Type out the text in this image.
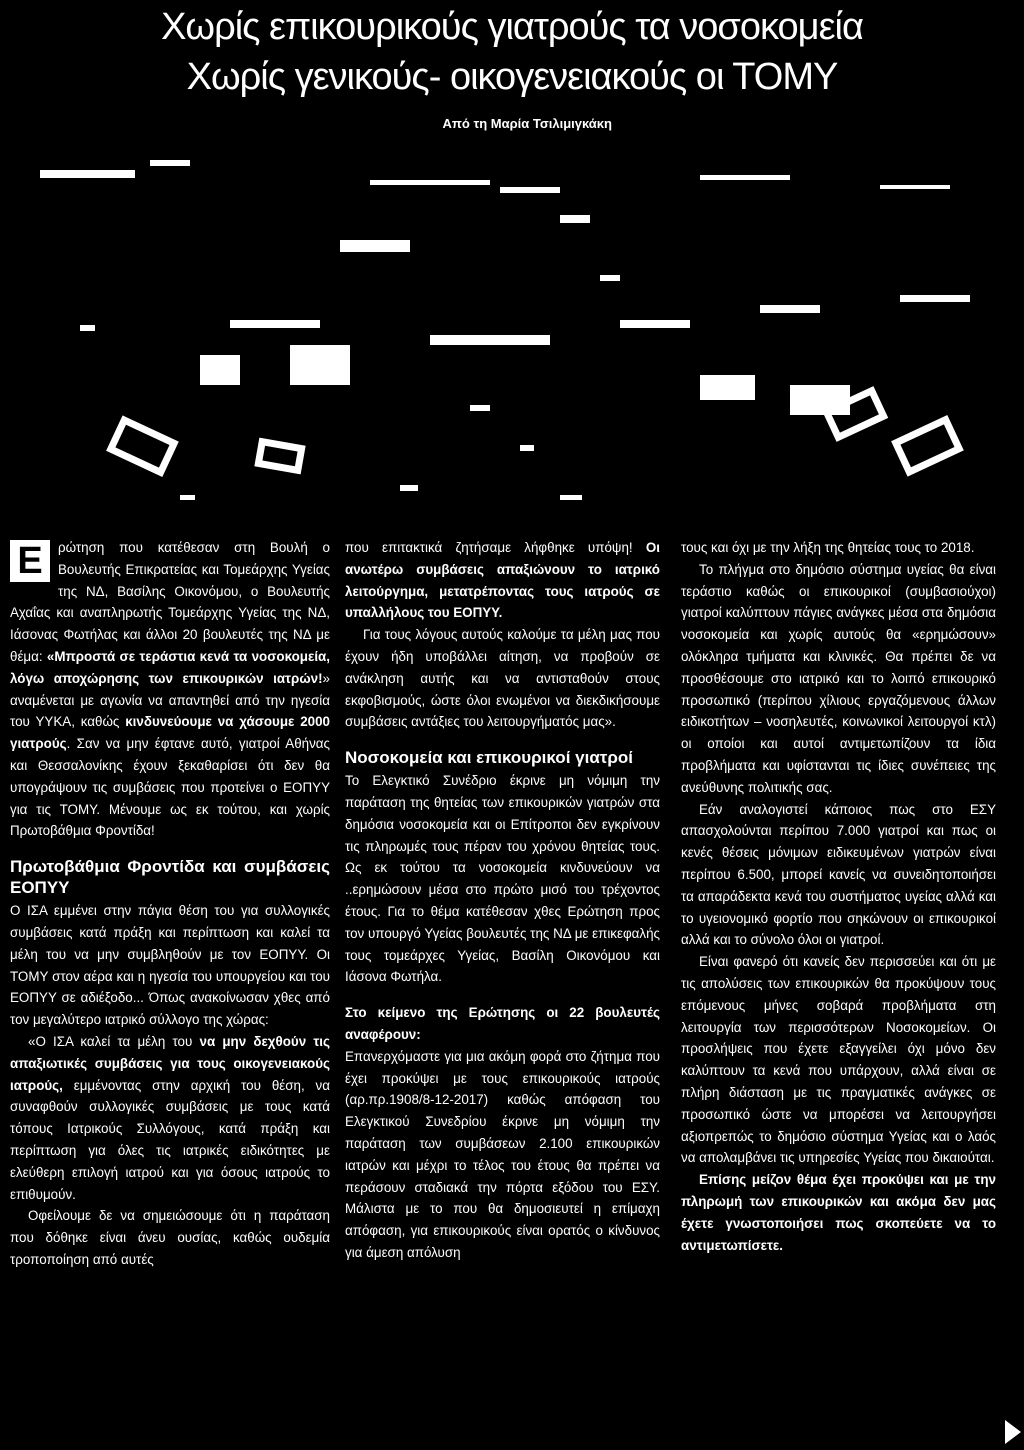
Χωρίς επικουρικούς γιατρούς τα νοσοκομεία
Χωρίς γενικούς- οικογενειακούς οι ΤΟΜΥ
Από τη Μαρία Τσιλιμιγκάκη

Ε	ρώτηση που κατέθεσαν στη Βουλή ο Βουλευτής Επικρατείας και Τομεάρχης Υγείας της ΝΔ, Βασίλης Οικονόμου, ο Βουλευτής Αχαΐας και αναπληρωτής Τομεάρχης Υγείας της ΝΔ, Ιάσονας Φωτήλας και άλλοι 20 βουλευτές της ΝΔ με θέμα: «Μπροστά σε τεράστια κενά τα νοσοκομεία, λόγω αποχώρησης των επικουρικών ιατρών!» αναμένεται με αγωνία να απαντηθεί από την ηγεσία του ΥΥΚΑ, καθώς κινδυνεύουμε να χάσουμε 2000 γιατρούς. Σαν να μην έφτανε αυτό, γιατροί Αθήνας και Θεσσαλονίκης έχουν ξεκαθαρίσει ότι δεν θα υπογράψουν τις συμβάσεις που προτείνει ο ΕΟΠΥΥ για τις ΤΟΜΥ. Μένουμε ως εκ τούτου, και χωρίς Πρωτοβάθμια Φροντίδα!

Πρωτοβάθμια Φροντίδα και συμβάσεις ΕΟΠΥΥ

Ο ΙΣΑ εμμένει στην πάγια θέση του για συλλογικές συμβάσεις κατά πράξη και περίπτωση και καλεί τα μέλη του να μην συμβληθούν με τον ΕΟΠΥΥ. Οι ΤΟΜΥ στον αέρα και η ηγεσία του υπουργείου και του ΕΟΠΥΥ σε αδιέξοδο... Όπως ανακοίνωσαν χθες από τον μεγαλύτερο ιατρικό σύλλογο της χώρας:

«Ο ΙΣΑ καλεί τα μέλη του να μην δεχθούν τις απαξιωτικές συμβάσεις για τους οικογενειακούς ιατρούς, εμμένοντας στην αρχική του θέση, να συναφθούν συλλογικές συμβάσεις με τους κατά τόπους Ιατρικούς Συλλόγους, κατά πράξη και περίπτωση για όλες τις ιατρικές ειδικότητες με ελεύθερη επιλογή ιατρού και για όσους ιατρούς το επιθυμούν.

Οφείλουμε δε να σημειώσουμε ότι η παράταση που δόθηκε είναι άνευ ουσίας, καθώς ουδεμία τροποποίηση από αυτές

που επιτακτικά ζητήσαμε λήφθηκε υπόψη! Οι ανωτέρω συμβάσεις απαξιώνουν το ιατρικό λειτούργημα, μετατρέποντας τους ιατρούς σε υπαλλήλους του ΕΟΠΥΥ.

Για τους λόγους αυτούς καλούμε τα μέλη μας που έχουν ήδη υποβάλλει αίτηση, να προβούν σε ανάκληση αυτής και να αντισταθούν στους εκφοβισμούς, ώστε όλοι ενωμένοι να διεκδικήσουμε συμβάσεις αντάξιες του λειτουργήματός μας».

Νοσοκομεία και επικουρικοί γιατροί

Το Ελεγκτικό Συνέδριο έκρινε μη νόμιμη την παράταση της θητείας των επικουρικών γιατρών στα δημόσια νοσοκομεία και οι Επίτροποι δεν εγκρίνουν τις πληρωμές τους πέραν του χρόνου θητείας τους. Ως εκ τούτου τα νοσοκομεία κινδυνεύουν να ..ερημώσουν μέσα στο πρώτο μισό του τρέχοντος έτους. Για το θέμα κατέθεσαν χθες Ερώτηση προς τον υπουργό Υγείας βουλευτές της ΝΔ με επικεφαλής τους τομεάρχες Υγείας, Βασίλη Οικονόμου και Ιάσονα Φωτήλα.

Στο κείμενο της Ερώτησης οι 22 βουλευτές αναφέρουν:

Επανερχόμαστε για μια ακόμη φορά στο ζήτημα που έχει προκύψει με τους επικουρικούς ιατρούς (αρ.πρ.1908/8-12-2017) καθώς απόφαση του Ελεγκτικού Συνεδρίου έκρινε μη νόμιμη την παράταση των συμβάσεων 2.100 επικουρικών ιατρών και μέχρι το τέλος του έτους θα πρέπει να περάσουν σταδιακά την πόρτα εξόδου του ΕΣΥ. Μάλιστα με το που θα δημοσιευτεί η επίμαχη απόφαση, για επικουρικούς είναι ορατός ο κίνδυνος για άμεση απόλυση

τους και όχι με την λήξη της θητείας τους το 2018.

Το πλήγμα στο δημόσιο σύστημα υγείας θα είναι τεράστιο καθώς οι επικουρικοί (συμβασιούχοι) γιατροί καλύπτουν πάγιες ανάγκες μέσα στα δημόσια νοσοκομεία και χωρίς αυτούς θα «ερημώσουν» ολόκληρα τμήματα και κλινικές. Θα πρέπει δε να προσθέσουμε στο ιατρικό και το λοιπό επικουρικό προσωπικό (περίπου χίλιους εργαζόμενους άλλων ειδικοτήτων – νοσηλευτές, κοινωνικοί λειτουργοί κτλ) οι οποίοι και αυτοί αντιμετωπίζουν τα ίδια προβλήματα και υφίστανται τις ίδιες συνέπειες της ανεύθυνης πολιτικής σας.

Εάν αναλογιστεί κάποιος πως στο ΕΣΥ απασχολούνται περίπου 7.000 γιατροί και πως οι κενές θέσεις μόνιμων ειδικευμένων γιατρών είναι περίπου 6.500, μπορεί κανείς να συνειδητοποιήσει τα απαράδεκτα κενά του συστήματος υγείας αλλά και το υγειονομικό φορτίο που σηκώνουν οι επικουρικοί αλλά και το σύνολο όλοι οι γιατροί.

Είναι φανερό ότι κανείς δεν περισσεύει και ότι με τις απολύσεις των επικουρικών θα προκύψουν τους επόμενους μήνες σοβαρά προβλήματα στη λειτουργία των περισσότερων Νοσοκομείων. Οι προσλήψεις που έχετε εξαγγείλει όχι μόνο δεν καλύπτουν τα κενά που υπάρχουν, αλλά είναι σε πλήρη διάσταση με τις πραγματικές ανάγκες σε προσωπικό ώστε να μπορέσει να λειτουργήσει αξιοπρεπώς το δημόσιο σύστημα Υγείας και ο λαός να απολαμβάνει τις υπηρεσίες Υγείας που δικαιούται.

Επίσης μείζον θέμα έχει προκύψει και με την πληρωμή των επικουρικών και ακόμα δεν μας έχετε γνωστοποιήσει πως σκοπεύετε να το αντιμετωπίσετε.
